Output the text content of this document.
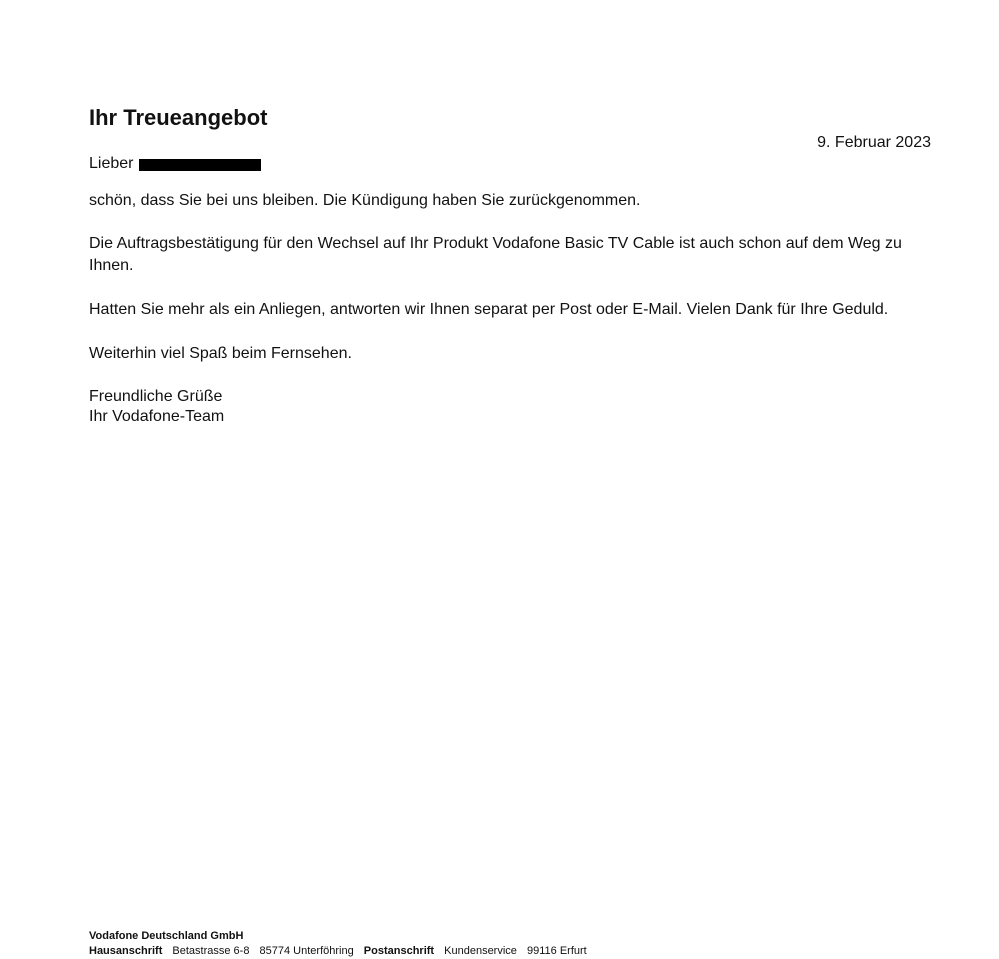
Ihr Treueangebot
9. Februar 2023
Lieber

schön, dass Sie bei uns bleiben. Die Kündigung haben Sie zurückgenommen.

Die Auftragsbestätigung für den Wechsel auf Ihr Produkt Vodafone Basic TV Cable ist auch schon auf dem Weg zu Ihnen.

Hatten Sie mehr als ein Anliegen, antworten wir Ihnen separat per Post oder E-Mail. Vielen Dank für Ihre Geduld.

Weiterhin viel Spaß beim Fernsehen.

Freundliche Grüße
Ihr Vodafone-Team
Vodafone Deutschland GmbH
Hausanschrift Betastrasse 6-8 85774 Unterföhring Postanschrift Kundenservice 99116 Erfurt
